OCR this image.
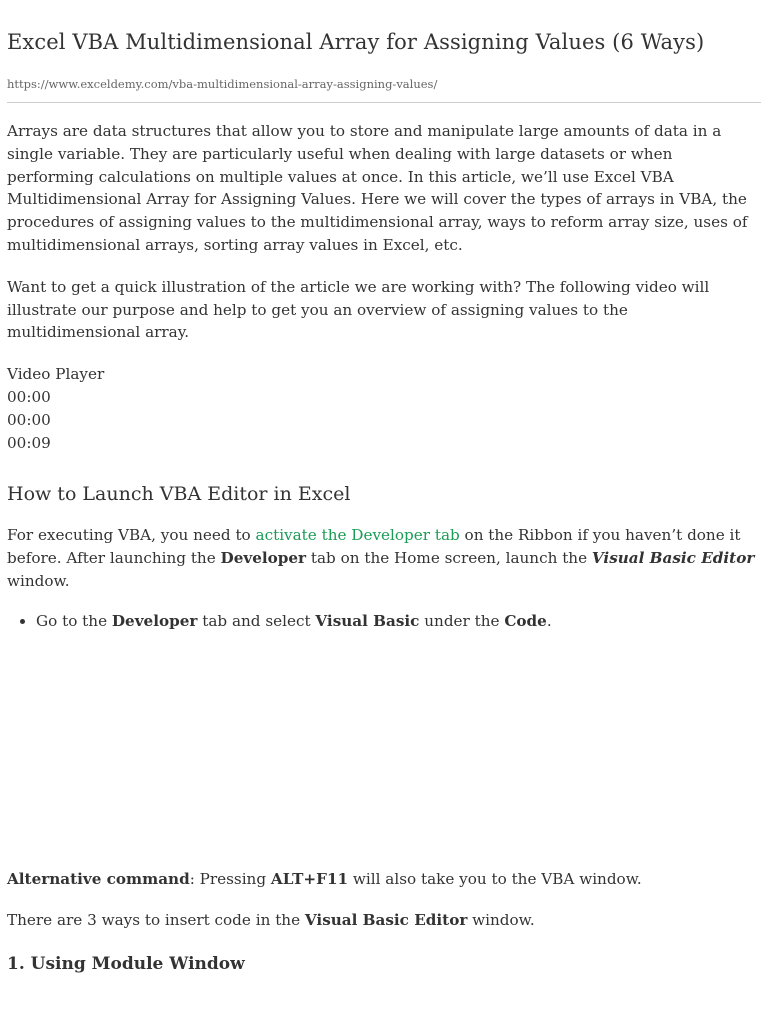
Excel VBA Multidimensional Array for Assigning Values (6 Ways)
https://www.exceldemy.com/vba-multidimensional-array-assigning-values/

Arrays are data structures that allow you to store and manipulate large amounts of data in a single variable. They are particularly useful when dealing with large datasets or when performing calculations on multiple values at once. In this article, we’ll use Excel VBA Multidimensional Array for Assigning Values. Here we will cover the types of arrays in VBA, the procedures of assigning values to the multidimensional array, ways to reform array size, uses of multidimensional arrays, sorting array values in Excel, etc.

Want to get a quick illustration of the article we are working with? The following video will illustrate our purpose and help to get you an overview of assigning values to the multidimensional array.

Video Player
00:00
00:00
00:09
How to Launch VBA Editor in Excel

For executing VBA, you need to activate the Developer tab on the Ribbon if you haven’t done it before. After launching the Developer tab on the Home screen, launch the Visual Basic Editor window.

• Go to the Developer tab and select Visual Basic under the Code.

Alternative command: Pressing ALT+F11 will also take you to the VBA window.

There are 3 ways to insert code in the Visual Basic Editor window.

1. Using Module Window
